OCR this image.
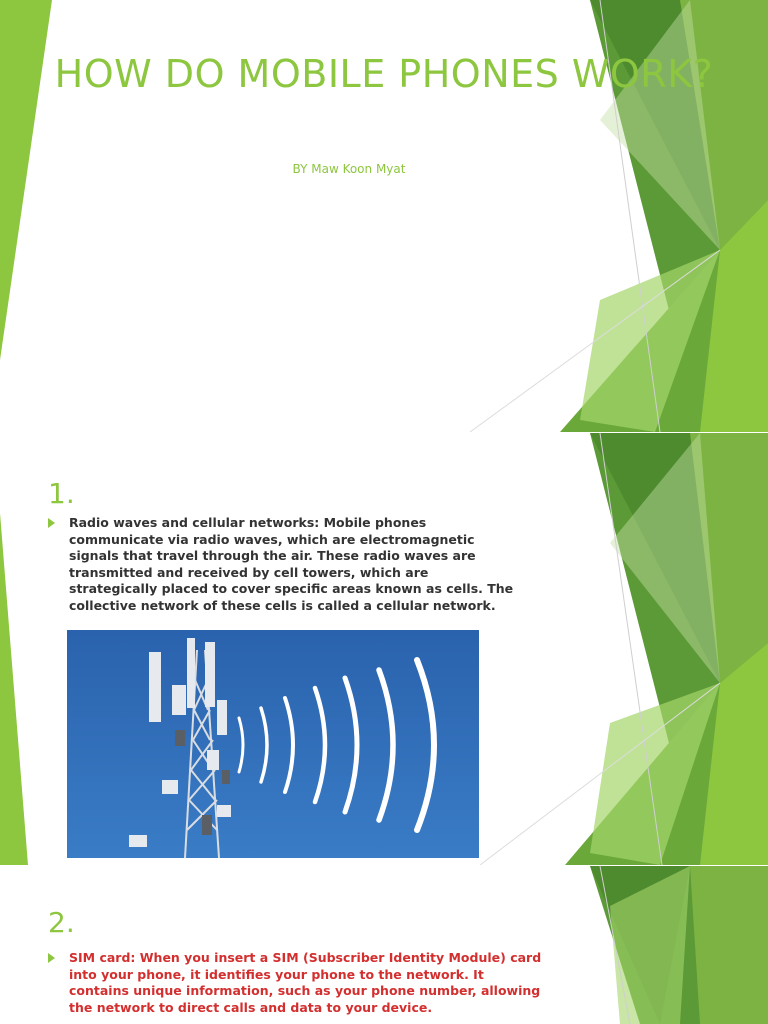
HOW DO MOBILE PHONES WORK?

BY Maw Koon Myat

1.

Radio waves and cellular networks: Mobile phones communicate via radio waves, which are electromagnetic signals that travel through the air. These radio waves are transmitted and received by cell towers, which are strategically placed to cover specific areas known as cells. The collective network of these cells is called a cellular network.

2.

SIM card: When you insert a SIM (Subscriber Identity Module) card into your phone, it identifies your phone to the network. It contains unique information, such as your phone number, allowing the network to direct calls and data to your device.
